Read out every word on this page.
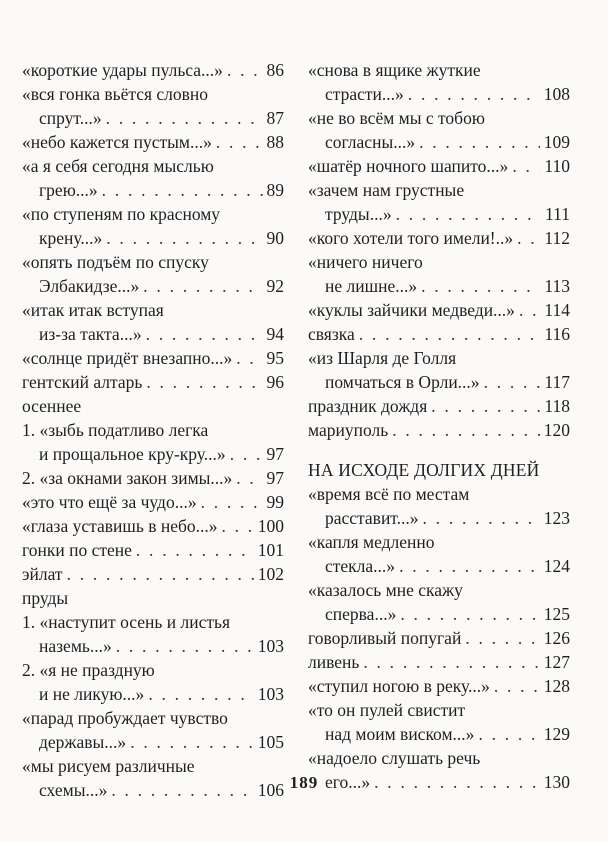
«короткие удары пульса...» . . . 86
«вся гонка вьётся словно
спрут...» . . .	87
«небо кажется пустым...» . . .	88
«а я себя сегодня мыслью
грею...» . . .	89
«по ступеням по красному
крену...» . . .	90
«опять подъём по спуску
Элбакидзе...» . . .	92
«итак итак вступая
из-за такта...» . . .	94
«солнце придёт внезапно...» . . . 95
гентский алтарь . . .	96
осеннее
1. «зыбь податливо легка
и прощальное кру-кру...» . . . 97
2. «за окнами закон зимы...» . . . 97
«это что ещё за чудо...» . . .	99
«глаза уставишь в небо...» . . . 100
гонки по стене . . .	101
эйлат . . .	102
пруды
1. «наступит осень и листья
наземь...» . . .	103
2. «я не праздную
и не ликую...» . . .	103
«парад пробуждает чувство
державы...» . . .	105
«мы рисуем различные
схемы...» . . .	106
«снова в ящике жуткие
страсти...» . . .	108
«не во всём мы с тобою
согласны...» . . .	109
«шатёр ночного шапито...» . . . 110
«зачем нам грустные
труды...» . . .	111
«кого хотели того имели!..» . . . 112
«ничего ничего
не лишне...» . . .	113
«куклы зайчики медведи...» . . . 114
связка . . .	116
«из Шарля де Голля
помчаться в Орли...» . . .	117
праздник дождя . . .	118
мариуполь . . .	120
НА ИСХОДЕ ДОЛГИХ ДНЕЙ
«время всё по местам
расставит...» . . .	123
«капля медленно
стекла...» . . .	124
«казалось мне скажу
сперва...» . . .	125
говорливый попугай . . .	126
ливень . . .	127
«ступил ногою в реку...» . . .	128
«то он пулей свистит
над моим виском...» . . .	129
«надоело слушать речь
его...» . . .	130
189
